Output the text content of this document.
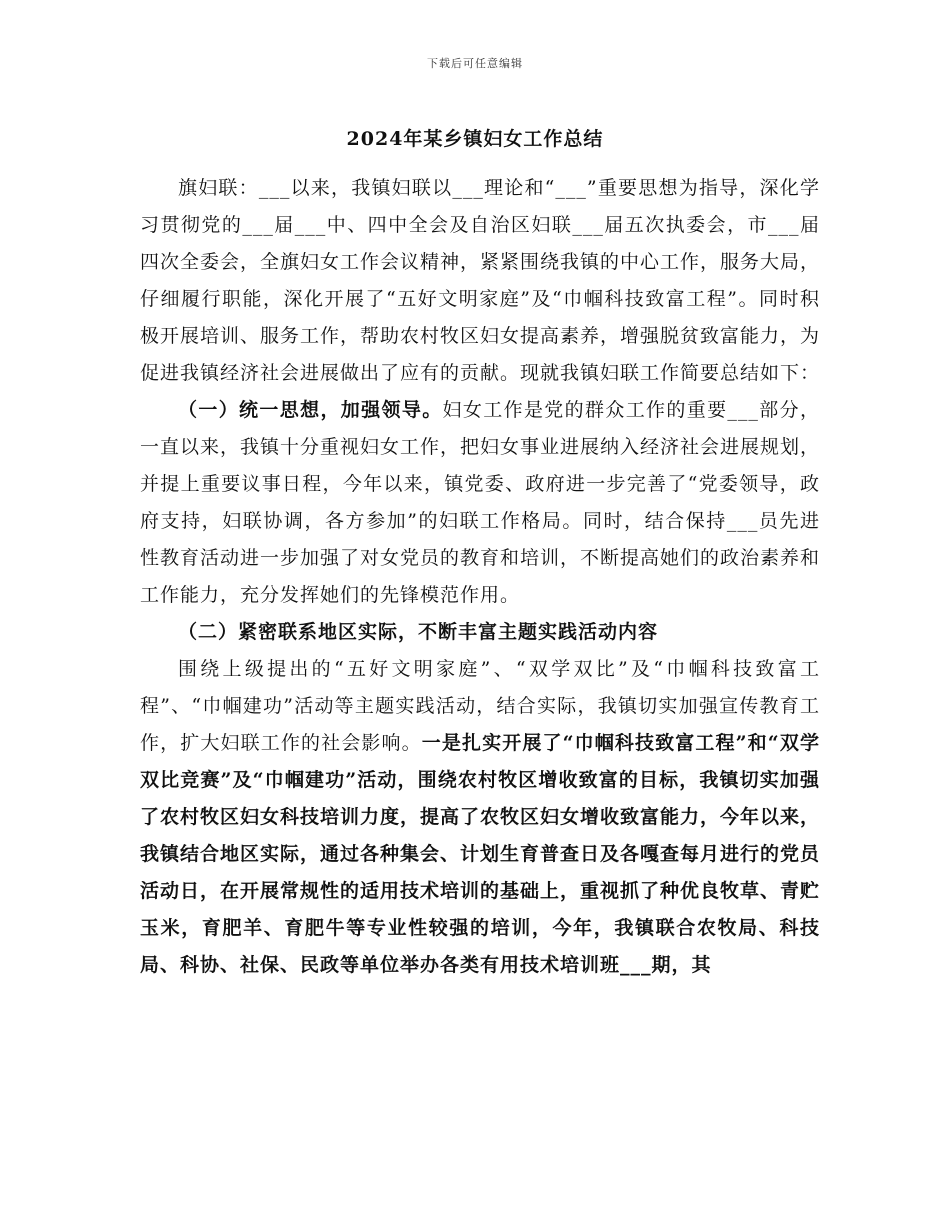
下载后可任意编辑
2024年某乡镇妇女工作总结

旗妇联：___以来，我镇妇联以___理论和“___”重要思想为指导，深化学习贯彻党的___届___中、四中全会及自治区妇联___届五次执委会，市___届四次全委会，全旗妇女工作会议精神，紧紧围绕我镇的中心工作，服务大局，仔细履行职能，深化开展了“五好文明家庭”及“巾帼科技致富工程”。同时积极开展培训、服务工作，帮助农村牧区妇女提高素养，增强脱贫致富能力，为促进我镇经济社会进展做出了应有的贡献。现就我镇妇联工作简要总结如下：

（一）统一思想，加强领导。妇女工作是党的群众工作的重要___部分，一直以来，我镇十分重视妇女工作，把妇女事业进展纳入经济社会进展规划，并提上重要议事日程，今年以来，镇党委、政府进一步完善了“党委领导，政府支持，妇联协调，各方参加”的妇联工作格局。同时，结合保持___员先进性教育活动进一步加强了对女党员的教育和培训，不断提高她们的政治素养和工作能力，充分发挥她们的先锋模范作用。

（二）紧密联系地区实际，不断丰富主题实践活动内容

围绕上级提出的“五好文明家庭”、“双学双比”及“巾帼科技致富工程”、“巾帼建功”活动等主题实践活动，结合实际，我镇切实加强宣传教育工作，扩大妇联工作的社会影响。一是扎实开展了“巾帼科技致富工程”和“双学双比竞赛”及“巾帼建功”活动，围绕农村牧区增收致富的目标，我镇切实加强了农村牧区妇女科技培训力度，提高了农牧区妇女增收致富能力，今年以来，我镇结合地区实际，通过各种集会、计划生育普查日及各嘎查每月进行的党员活动日，在开展常规性的适用技术培训的基础上，重视抓了种优良牧草、青贮玉米，育肥羊、育肥牛等专业性较强的培训，今年，我镇联合农牧局、科技局、科协、社保、民政等单位举办各类有用技术培训班___期，其
